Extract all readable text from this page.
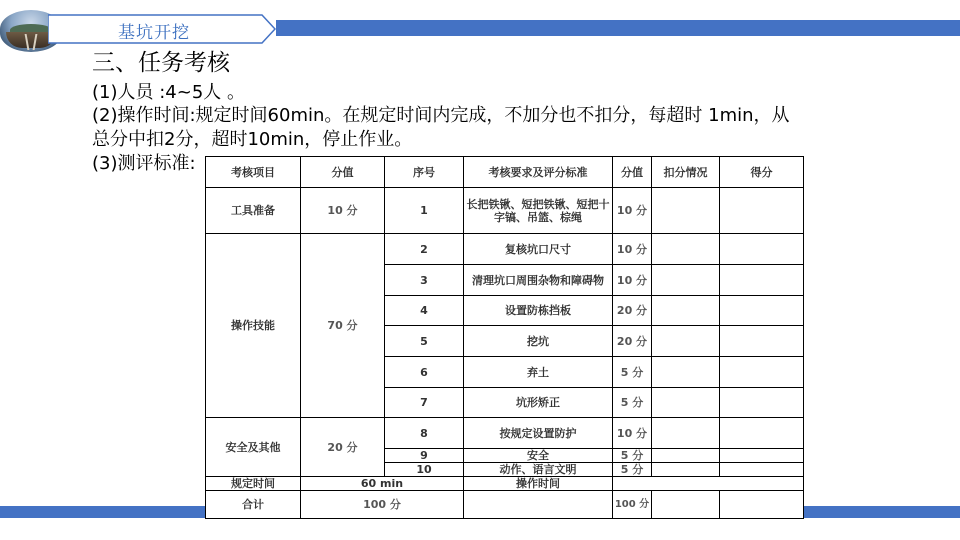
基坑开挖
三、任务考核
(1)人员 :4~5人 。
(2)操作时间:规定时间60min。在规定时间内完成，不加分也不扣分，每超时 1min，从
总分中扣2分，超时10min，停止作业。
(3)测评标准:	考核项目	分值	序号	考核要求及评分标准	分值	扣分情况	得分
工具准备	10 分	1	长把铁锹、短把铁锹、短把十字镐、吊篮、棕绳	10 分		
操作技能	70 分	2	复核坑口尺寸	10 分		
		3	清理坑口周围杂物和障碍物	10 分		
		4	设置防栋挡板	20 分		
		5	挖坑	20 分		
		6	弃土	5 分		
		7	坑形矫正	5 分		
安全及其他	20 分	8	按规定设置防护	10 分		
		9	安全	5 分		
		10	动作、语言文明	5 分		
规定时间	60 min		操作时间			
合计	100 分			100 分		
